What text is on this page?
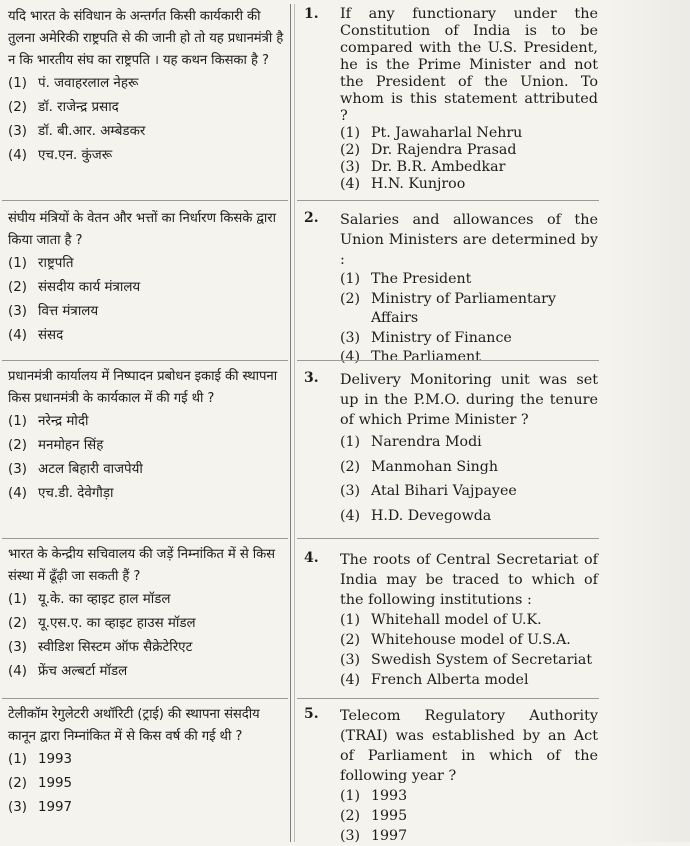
यदि भारत के संविधान के अन्तर्गत किसी कार्यकारी की तुलना अमेरिकी राष्ट्रपति से की जानी हो तो यह प्रधानमंत्री है न कि भारतीय संघ का राष्ट्रपति । यह कथन किसका है ?

(1) पं. जवाहरलाल नेहरू
(2) डॉ. राजेन्द्र प्रसाद
(3) डॉ. बी.आर. अम्बेडकर
(4) एच.एन. कुंजरू

संघीय मंत्रियों के वेतन और भत्तों का निर्धारण किसके द्वारा किया जाता है ?

(1) राष्ट्रपति
(2) संसदीय कार्य मंत्रालय
(3) वित्त मंत्रालय
(4) संसद

प्रधानमंत्री कार्यालय में निष्पादन प्रबोधन इकाई की स्थापना किस प्रधानमंत्री के कार्यकाल में की गई थी ?

(1) नरेन्द्र मोदी
(2) मनमोहन सिंह
(3) अटल बिहारी वाजपेयी
(4) एच.डी. देवेगौड़ा

भारत के केन्द्रीय सचिवालय की जड़ें निम्नांकित में से किस संस्था में ढूँढ़ी जा सकती हैं ?

(1) यू.के. का व्हाइट हाल मॉडल
(2) यू.एस.ए. का व्हाइट हाउस मॉडल
(3) स्वीडिश सिस्टम ऑफ सैक्रेटेरिएट
(4) फ्रेंच अल्बर्टा मॉडल

टेलीकॉम रेगुलेटरी अथॉरिटी (ट्राई) की स्थापना संसदीय कानून द्वारा निम्नांकित में से किस वर्ष की गई थी ?

(1) 1993
(2) 1995
(3) 1997
1. If any functionary under the Constitution of India is to be compared with the U.S. President, he is the Prime Minister and not the President of the Union. To whom is this statement attributed ?

(1) Pt. Jawaharlal Nehru
(2) Dr. Rajendra Prasad
(3) Dr. B.R. Ambedkar
(4) H.N. Kunjroo
2. Salaries and allowances of the Union Ministers are determined by :

(1) The President
(2) Ministry of Parliamentary Affairs
(3) Ministry of Finance
(4) The Parliament
3. Delivery Monitoring unit was set up in the P.M.O. during the tenure of which Prime Minister ?

(1) Narendra Modi
(2) Manmohan Singh
(3) Atal Bihari Vajpayee
(4) H.D. Devegowda
4. The roots of Central Secretariat of India may be traced to which of the following institutions :

(1) Whitehall model of U.K.
(2) Whitehouse model of U.S.A.
(3) Swedish System of Secretariat
(4) French Alberta model
5. Telecom Regulatory Authority (TRAI) was established by an Act of Parliament in which of the following year ?

(1) 1993
(2) 1995
(3) 1997
